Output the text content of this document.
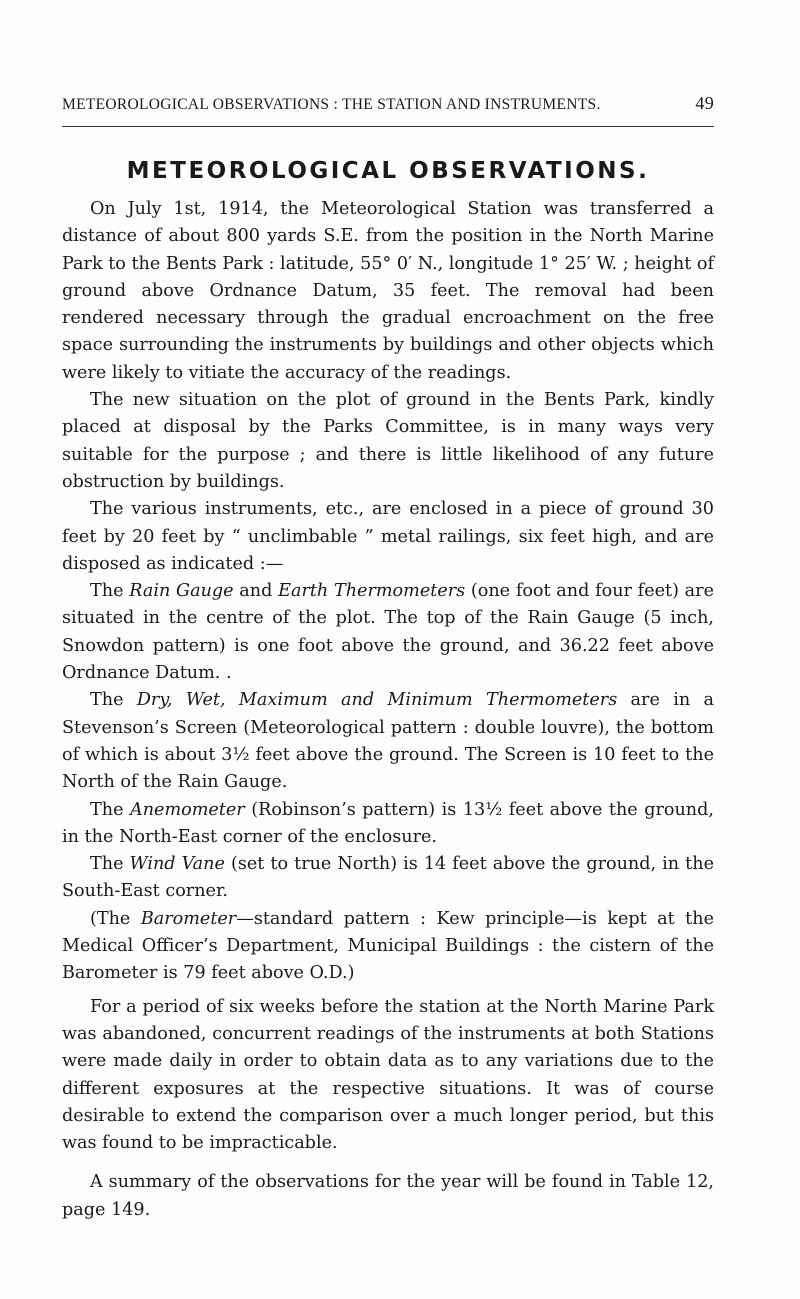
METEOROLOGICAL OBSERVATIONS : THE STATION AND INSTRUMENTS.	49
METEOROLOGICAL OBSERVATIONS.

On July 1st, 1914, the Meteorological Station was transferred a distance of about 800 yards S.E. from the position in the North Marine Park to the Bents Park : latitude, 55° 0′ N., longitude 1° 25′ W. ; height of ground above Ordnance Datum, 35 feet. The removal had been rendered necessary through the gradual encroachment on the free space surrounding the instruments by buildings and other objects which were likely to vitiate the accuracy of the readings.

The new situation on the plot of ground in the Bents Park, kindly placed at disposal by the Parks Committee, is in many ways very suitable for the purpose ; and there is little likelihood of any future obstruction by buildings.

The various instruments, etc., are enclosed in a piece of ground 30 feet by 20 feet by “ unclimbable ” metal railings, six feet high, and are disposed as indicated :—

The Rain Gauge and Earth Thermometers (one foot and four feet) are situated in the centre of the plot. The top of the Rain Gauge (5 inch, Snowdon pattern) is one foot above the ground, and 36.22 feet above Ordnance Datum. .

The Dry, Wet, Maximum and Minimum Thermometers are in a Stevenson’s Screen (Meteorological pattern : double louvre), the bottom of which is about 3½ feet above the ground. The Screen is 10 feet to the North of the Rain Gauge.

The Anemometer (Robinson’s pattern) is 13½ feet above the ground, in the North-East corner of the enclosure.

The Wind Vane (set to true North) is 14 feet above the ground, in the South-East corner.

(The Barometer—standard pattern : Kew principle—is kept at the Medical Officer’s Department, Municipal Buildings : the cistern of the Barometer is 79 feet above O.D.)

For a period of six weeks before the station at the North Marine Park was abandoned, concurrent readings of the instruments at both Stations were made daily in order to obtain data as to any variations due to the different exposures at the respective situations. It was of course desirable to extend the comparison over a much longer period, but this was found to be impracticable.

A summary of the observations for the year will be found in Table 12, page 149.
